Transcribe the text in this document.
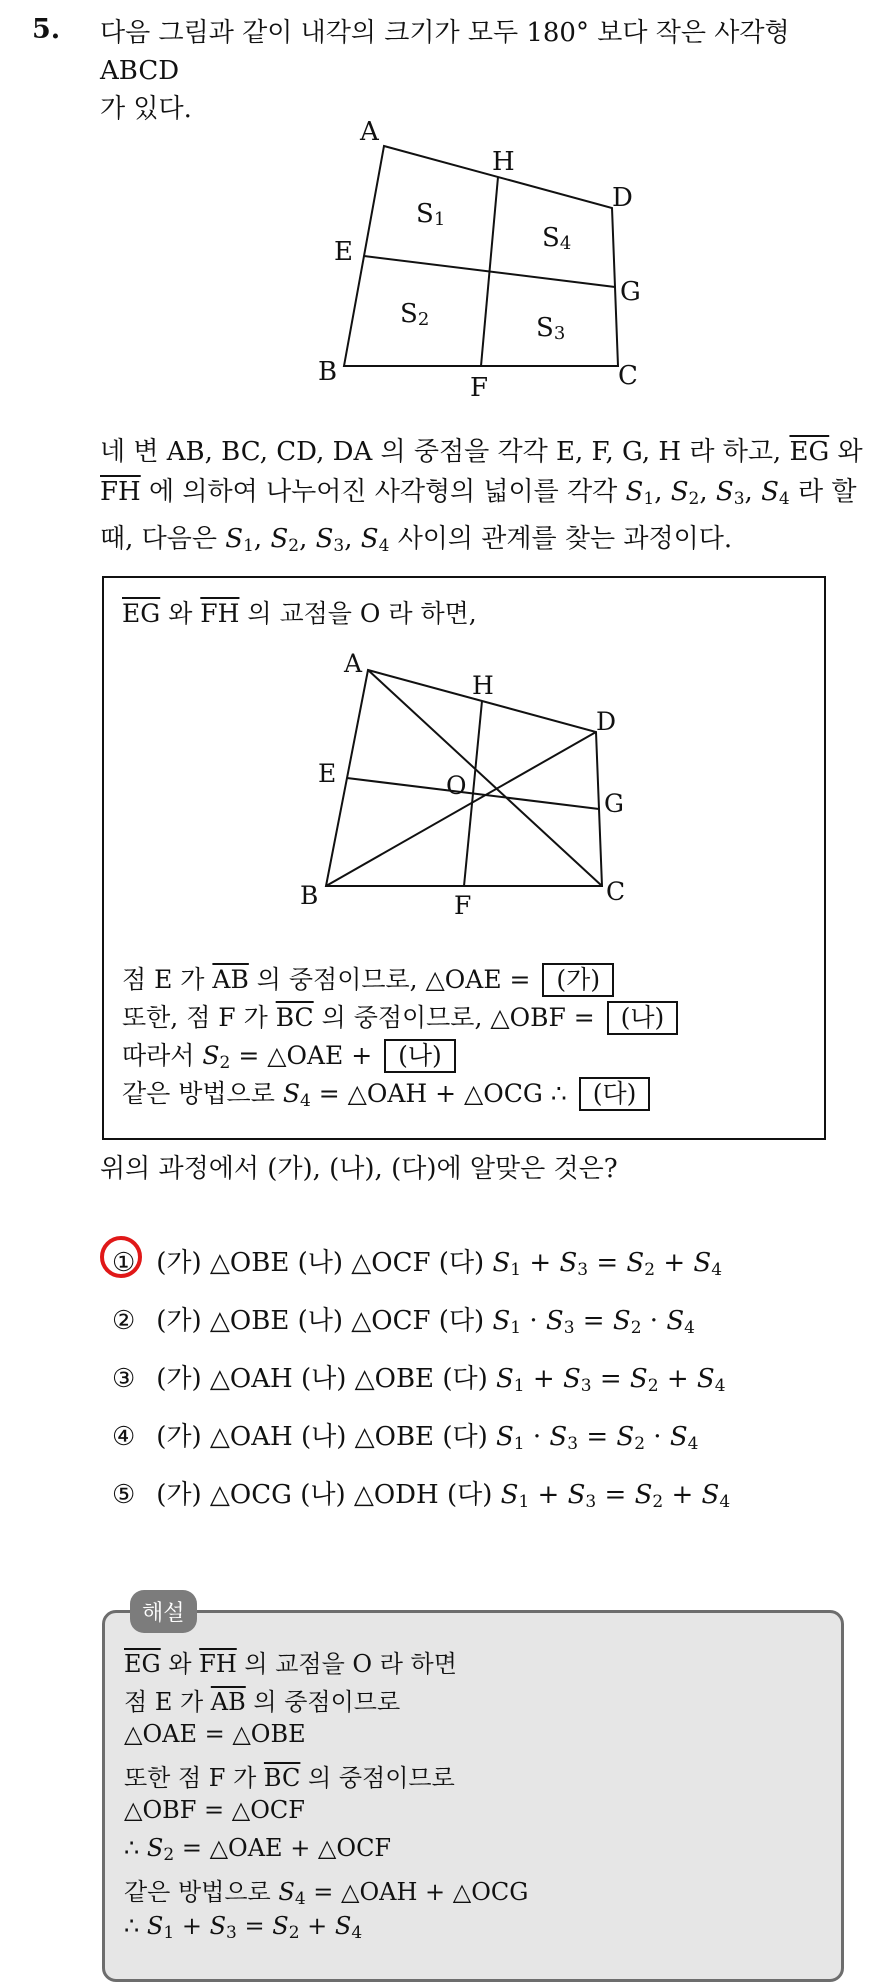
5. 다음 그림과 같이 내각의 크기가 모두 180° 보다 작은 사각형 ABCD
가 있다.
A
H
D
E
G
B
F	C
S1
S4
S2	S3
네 변 AB, BC, CD, DA 의 중점을 각각 E, F, G, H 라 하고, $\overline{EG}$ 와
$\overline{FH}$ 에 의하여 나누어진 사각형의 넓이를 각각 $S_1$, $S_2$, $S_3$, $S_4$ 라 할
때, 다음은 $S_1$, $S_2$, $S_3$, $S_4$ 사이의 관계를 찾는 과정이다.
$\overline{EG}$ 와 $\overline{FH}$ 의 교점을 O 라 하면,
A
H
D
E	O
G
B	F	C
점 E 가 $\overline{AB}$ 의 중점이므로, △OAE = (가)
또한, 점 F 가 $\overline{BC}$ 의 중점이므로, △OBF = (나)
따라서 $S_2$ = △OAE + (나)
같은 방법으로 $S_4$ = △OAH + △OCG ∴ (다)
위의 과정에서 (가), (나), (다)에 알맞은 것은?
① (가) △OBE (나) △OCF (다) $S_1 + S_3 = S_2 + S_4$
② (가) △OBE (나) △OCF (다) $S_1 \cdot S_3 = S_2 \cdot S_4$
③ (가) △OAH (나) △OBE (다) $S_1 + S_3 = S_2 + S_4$
④ (가) △OAH (나) △OBE (다) $S_1 \cdot S_3 = S_2 \cdot S_4$
⑤ (가) △OCG (나) △ODH (다) $S_1 + S_3 = S_2 + S_4$
해설
$\overline{EG}$ 와 $\overline{FH}$ 의 교점을 O 라 하면
점 E 가 $\overline{AB}$ 의 중점이므로
△OAE = △OBE
또한 점 F 가 $\overline{BC}$ 의 중점이므로
△OBF = △OCF
∴ $S_2$ = △OAE + △OCF
같은 방법으로 $S_4$ = △OAH + △OCG
∴ $S_1 + S_3 = S_2 + S_4$
